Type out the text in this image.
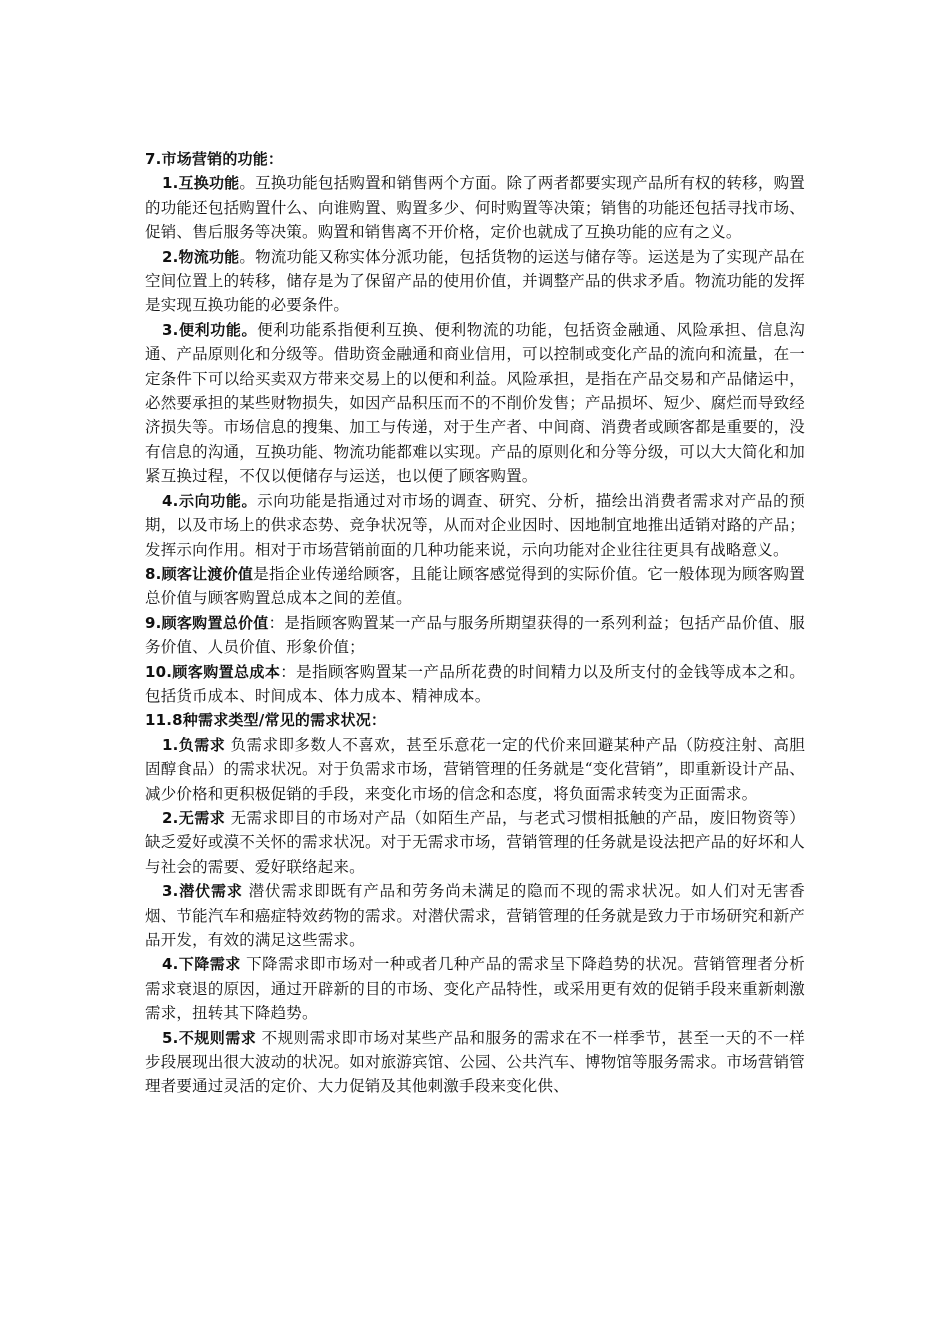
7.市场营销的功能：

1.互换功能。互换功能包括购置和销售两个方面。除了两者都要实现产品所有权的转移，购置的功能还包括购置什么、向谁购置、购置多少、何时购置等决策；销售的功能还包括寻找市场、促销、售后服务等决策。购置和销售离不开价格，定价也就成了互换功能的应有之义。

2.物流功能。物流功能又称实体分派功能，包括货物的运送与储存等。运送是为了实现产品在空间位置上的转移，储存是为了保留产品的使用价值，并调整产品的供求矛盾。物流功能的发挥是实现互换功能的必要条件。

3.便利功能。便利功能系指便利互换、便利物流的功能，包括资金融通、风险承担、信息沟通、产品原则化和分级等。借助资金融通和商业信用，可以控制或变化产品的流向和流量，在一定条件下可以给买卖双方带来交易上的以便和利益。风险承担，是指在产品交易和产品储运中，必然要承担的某些财物损失，如因产品积压而不的不削价发售；产品损坏、短少、腐烂而导致经济损失等。市场信息的搜集、加工与传递，对于生产者、中间商、消费者或顾客都是重要的，没有信息的沟通，互换功能、物流功能都难以实现。产品的原则化和分等分级，可以大大简化和加紧互换过程，不仅以便储存与运送，也以便了顾客购置。

4.示向功能。示向功能是指通过对市场的调查、研究、分析，描绘出消费者需求对产品的预期，以及市场上的供求态势、竞争状况等，从而对企业因时、因地制宜地推出适销对路的产品；发挥示向作用。相对于市场营销前面的几种功能来说，示向功能对企业往往更具有战略意义。

8.顾客让渡价值是指企业传递给顾客，且能让顾客感觉得到的实际价值。它一般体现为顾客购置总价值与顾客购置总成本之间的差值。

9.顾客购置总价值：是指顾客购置某一产品与服务所期望获得的一系列利益；包括产品价值、服务价值、人员价值、形象价值；

10.顾客购置总成本：是指顾客购置某一产品所花费的时间精力以及所支付的金钱等成本之和。包括货币成本、时间成本、体力成本、精神成本。

11.8种需求类型/常见的需求状况：

1.负需求 负需求即多数人不喜欢，甚至乐意花一定的代价来回避某种产品（防疫注射、高胆固醇食品）的需求状况。对于负需求市场，营销管理的任务就是“变化营销”，即重新设计产品、减少价格和更积极促销的手段，来变化市场的信念和态度，将负面需求转变为正面需求。

2.无需求 无需求即目的市场对产品（如陌生产品，与老式习惯相抵触的产品，废旧物资等）缺乏爱好或漠不关怀的需求状况。对于无需求市场，营销管理的任务就是设法把产品的好坏和人与社会的需要、爱好联络起来。

3.潜伏需求 潜伏需求即既有产品和劳务尚未满足的隐而不现的需求状况。如人们对无害香烟、节能汽车和癌症特效药物的需求。对潜伏需求，营销管理的任务就是致力于市场研究和新产品开发，有效的满足这些需求。

4.下降需求 下降需求即市场对一种或者几种产品的需求呈下降趋势的状况。营销管理者分析需求衰退的原因，通过开辟新的目的市场、变化产品特性，或采用更有效的促销手段来重新刺激需求，扭转其下降趋势。

5.不规则需求 不规则需求即市场对某些产品和服务的需求在不一样季节，甚至一天的不一样步段展现出很大波动的状况。如对旅游宾馆、公园、公共汽车、博物馆等服务需求。市场营销管理者要通过灵活的定价、大力促销及其他刺激手段来变化供、
